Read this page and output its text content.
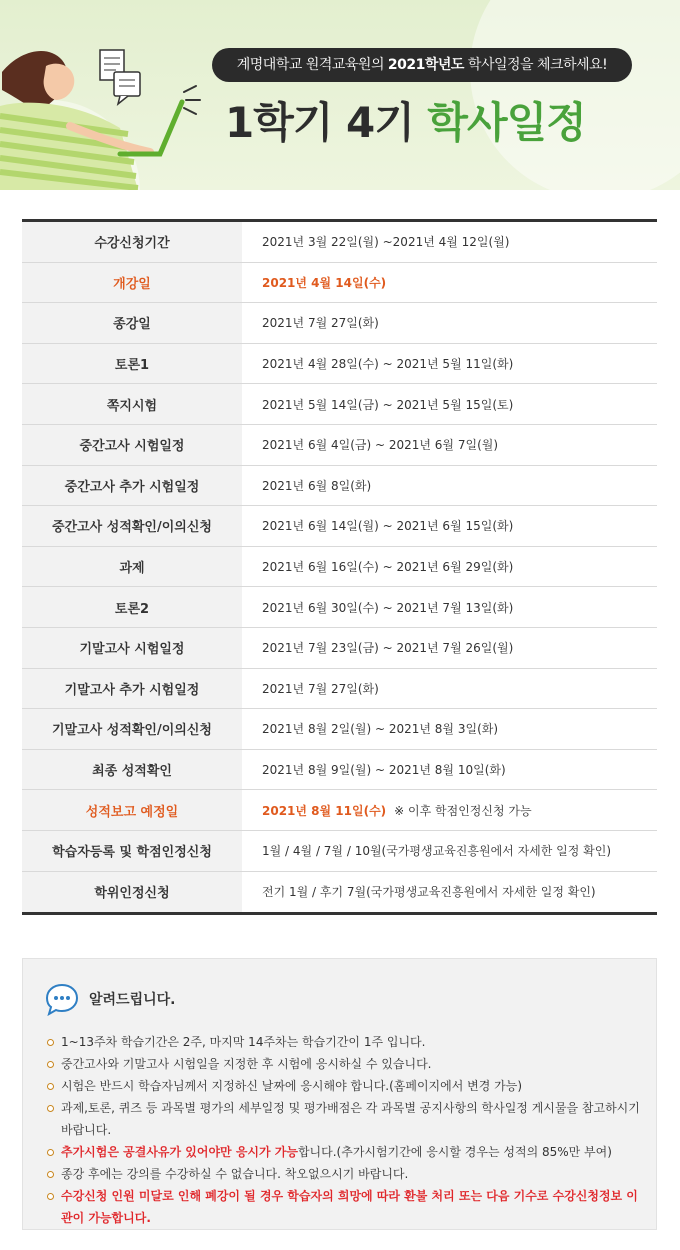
계명대학교 원격교육원의 2021학년도 학사일정을 체크하세요!
1학기 4기 학사일정
수강신청기간	2021년 3월 22일(월) ~2021년 4월 12일(월)
개강일	2021년 4월 14일(수)
종강일	2021년 7월 27일(화)
토론1	2021년 4월 28일(수) ~ 2021년 5월 11일(화)
쪽지시험	2021년 5월 14일(금) ~ 2021년 5월 15일(토)
중간고사 시험일정	2021년 6월 4일(금) ~ 2021년 6월 7일(월)
중간고사 추가 시험일정	2021년 6월 8일(화)
중간고사 성적확인/이의신청	2021년 6월 14일(월) ~ 2021년 6월 15일(화)
과제	2021년 6월 16일(수) ~ 2021년 6월 29일(화)
토론2	2021년 6월 30일(수) ~ 2021년 7월 13일(화)
기말고사 시험일정	2021년 7월 23일(금) ~ 2021년 7월 26일(월)
기말고사 추가 시험일정	2021년 7월 27일(화)
기말고사 성적확인/이의신청	2021년 8월 2일(월) ~ 2021년 8월 3일(화)
최종 성적확인	2021년 8월 9일(월) ~ 2021년 8월 10일(화)
성적보고 예정일	2021년 8월 11일(수) ※ 이후 학점인정신청 가능
학습자등록 및 학점인정신청	1월 / 4월 / 7월 / 10월(국가평생교육진흥원에서 자세한 일정 확인)
학위인정신청	전기 1월 / 후기 7월(국가평생교육진흥원에서 자세한 일정 확인)
알려드립니다.
1~13주차 학습기간은 2주, 마지막 14주차는 학습기간이 1주 입니다.
중간고사와 기말고사 시험일을 지정한 후 시험에 응시하실 수 있습니다.
시험은 반드시 학습자님께서 지정하신 날짜에 응시해야 합니다.(홈페이지에서 변경 가능)
과제,토론, 퀴즈 등 과목별 평가의 세부일정 및 평가배점은 각 과목별 공지사항의 학사일정 게시물을 참고하시기 바랍니다.
추가시험은 공결사유가 있어야만 응시가 가능합니다.(추가시험기간에 응시할 경우는 성적의 85%만 부여)
종강 후에는 강의를 수강하실 수 없습니다. 착오없으시기 바랍니다.
수강신청 인원 미달로 인해 폐강이 될 경우 학습자의 희망에 따라 환불 처리 또는 다음 기수로 수강신청정보 이관이 가능합니다.
